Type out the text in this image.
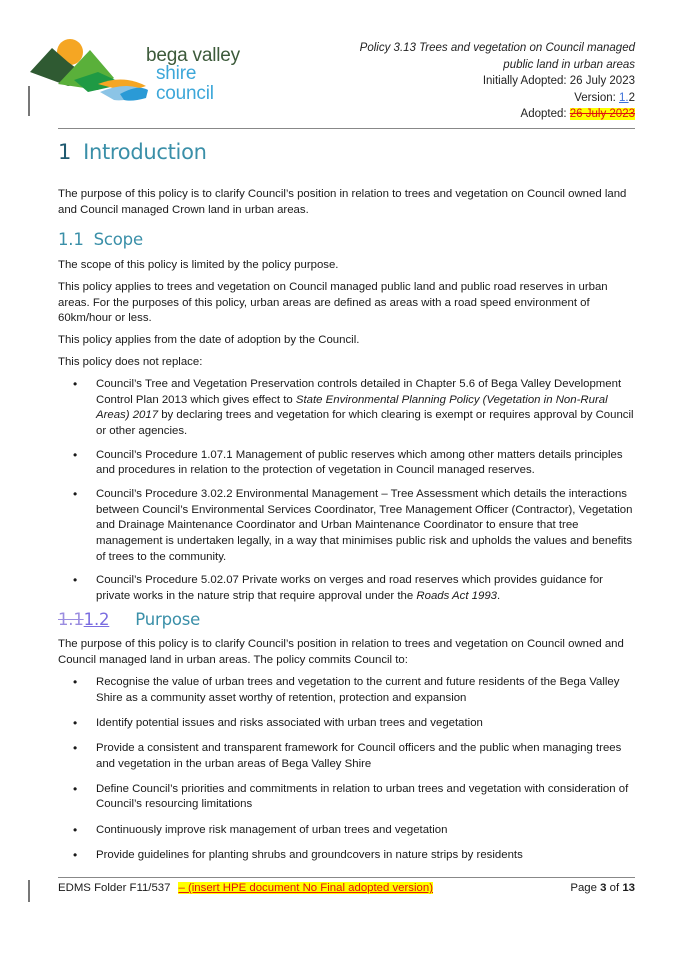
bega valley
shire council
Policy 3.13 Trees and vegetation on Council managed
public land in urban areas
Initially Adopted: 26 July 2023
Version: 1.2
Adopted: 26 July 2023
1 Introduction

The purpose of this policy is to clarify Council’s position in relation to trees and vegetation on Council owned land and Council managed Crown land in urban areas.

1.1 Scope

The scope of this policy is limited by the policy purpose.

This policy applies to trees and vegetation on Council managed public land and public road reserves in urban areas. For the purposes of this policy, urban areas are defined as areas with a road speed environment of 60km/hour or less.

This policy applies from the date of adoption by the Council.

This policy does not replace:

• Council’s Tree and Vegetation Preservation controls detailed in Chapter 5.6 of Bega Valley Development Control Plan 2013 which gives effect to State Environmental Planning Policy (Vegetation in Non-Rural Areas) 2017 by declaring trees and vegetation for which clearing is exempt or requires approval by Council or other agencies.
• Council’s Procedure 1.07.1 Management of public reserves which among other matters details principles and procedures in relation to the protection of vegetation in Council managed reserves.
• Council’s Procedure 3.02.2 Environmental Management – Tree Assessment which details the interactions between Council’s Environmental Services Coordinator, Tree Management Officer (Contractor), Vegetation and Drainage Maintenance Coordinator and Urban Maintenance Coordinator to ensure that tree management is undertaken legally, in a way that minimises public risk and upholds the values and benefits of trees to the community.
• Council’s Procedure 5.02.07 Private works on verges and road reserves which provides guidance for private works in the nature strip that require approval under the Roads Act 1993.
1.11.2 Purpose

The purpose of this policy is to clarify Council’s position in relation to trees and vegetation on Council owned and Council managed land in urban areas. The policy commits Council to:

• Recognise the value of urban trees and vegetation to the current and future residents of the Bega Valley Shire as a community asset worthy of retention, protection and expansion
• Identify potential issues and risks associated with urban trees and vegetation
• Provide a consistent and transparent framework for Council officers and the public when managing trees and vegetation in the urban areas of Bega Valley Shire
• Define Council’s priorities and commitments in relation to urban trees and vegetation with consideration of Council’s resourcing limitations
• Continuously improve risk management of urban trees and vegetation
• Provide guidelines for planting shrubs and groundcovers in nature strips by residents
EDMS Folder F11/537 – (insert HPE document No Final adopted version)	Page 3 of 13
